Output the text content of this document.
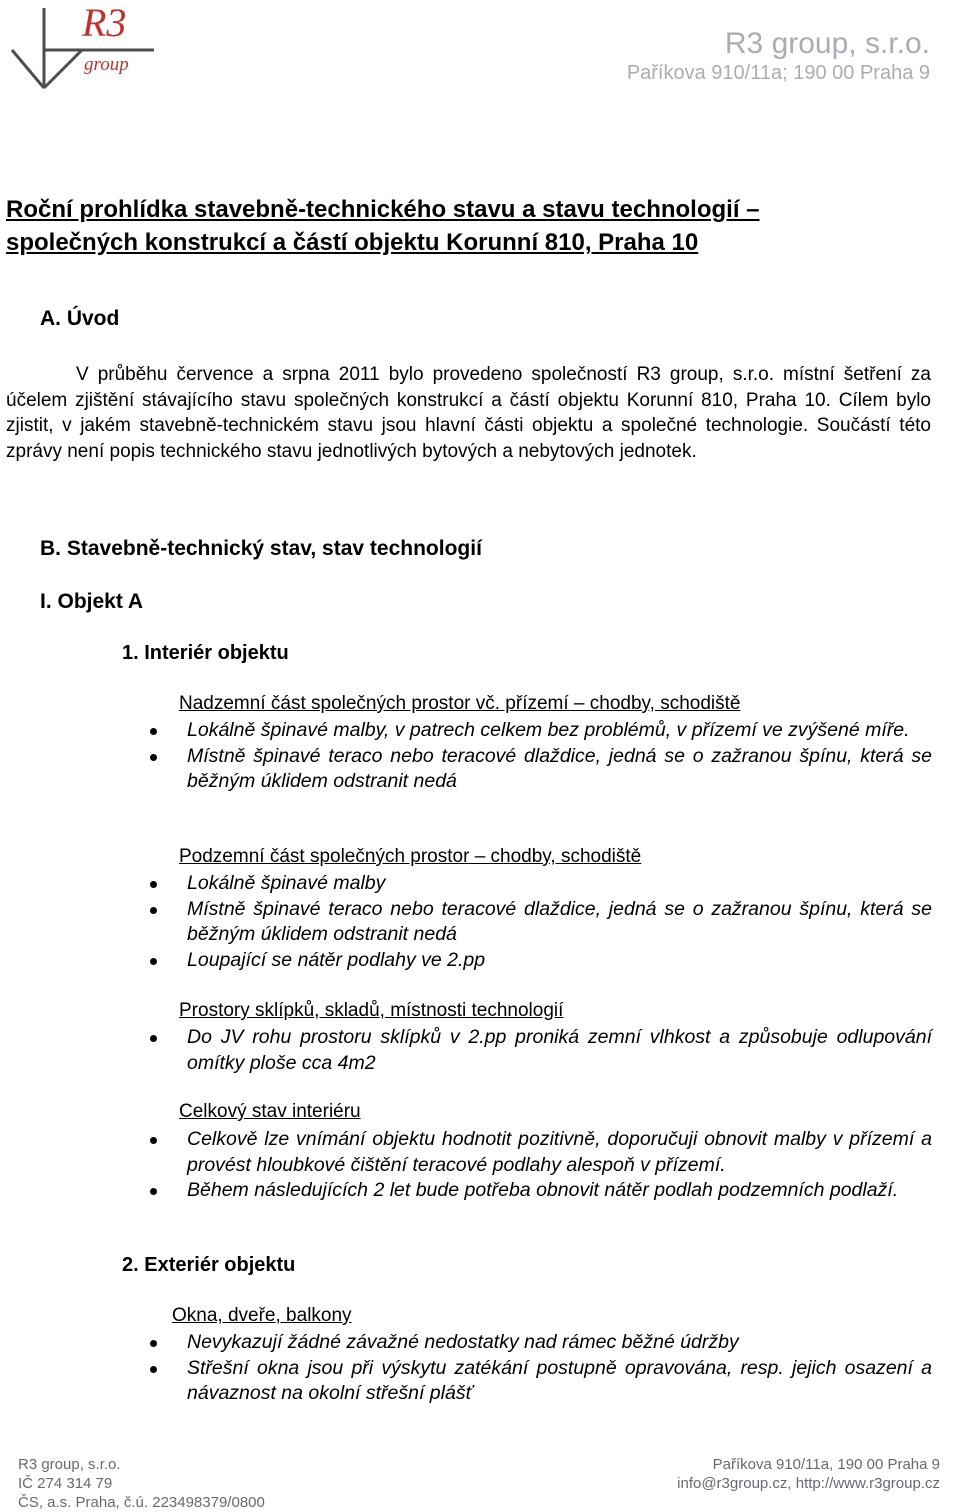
R3
group
R3 group, s.r.o.
Paříkova 910/11a; 190 00 Praha 9
Roční prohlídka stavebně-technického stavu a stavu technologií –
společných konstrukcí a částí objektu Korunní 810, Praha 10
A. Úvod
V průběhu července a srpna 2011 bylo provedeno společností R3 group, s.r.o. místní šetření za účelem zjištění stávajícího stavu společných konstrukcí a částí objektu Korunní 810, Praha 10. Cílem bylo zjistit, v jakém stavebně-technickém stavu jsou hlavní části objektu a společné technologie. Součástí této zprávy není popis technického stavu jednotlivých bytových a nebytových jednotek.
B. Stavebně-technický stav, stav technologií
I. Objekt A
1. Interiér objektu
Nadzemní část společných prostor vč. přízemí – chodby, schodiště
Lokálně špinavé malby, v patrech celkem bez problémů, v přízemí ve zvýšené míře.
Místně špinavé teraco nebo teracové dlaždice, jedná se o zažranou špínu, která se běžným úklidem odstranit nedá
Podzemní část společných prostor – chodby, schodiště
Lokálně špinavé malby
Místně špinavé teraco nebo teracové dlaždice, jedná se o zažranou špínu, která se běžným úklidem odstranit nedá
Loupající se nátěr podlahy ve 2.pp
Prostory sklípků, skladů, místnosti technologií
Do JV rohu prostoru sklípků v 2.pp proniká zemní vlhkost a způsobuje odlupování omítky ploše cca 4m2
Celkový stav interiéru
Celkově lze vnímání objektu hodnotit pozitivně, doporučuji obnovit malby v přízemí a provést hloubkové čištění teracové podlahy alespoň v přízemí.
Během následujících 2 let bude potřeba obnovit nátěr podlah podzemních podlaží.
2. Exteriér objektu
Okna, dveře, balkony
Nevykazují žádné závažné nedostatky nad rámec běžné údržby
Střešní okna jsou při výskytu zatékání postupně opravována, resp. jejich osazení a návaznost na okolní střešní plášť
R3 group, s.r.o.
IČ 274 314 79
ČS, a.s. Praha, č.ú. 223498379/0800
Paříkova 910/11a, 190 00 Praha 9
info@r3group.cz, http://www.r3group.cz
